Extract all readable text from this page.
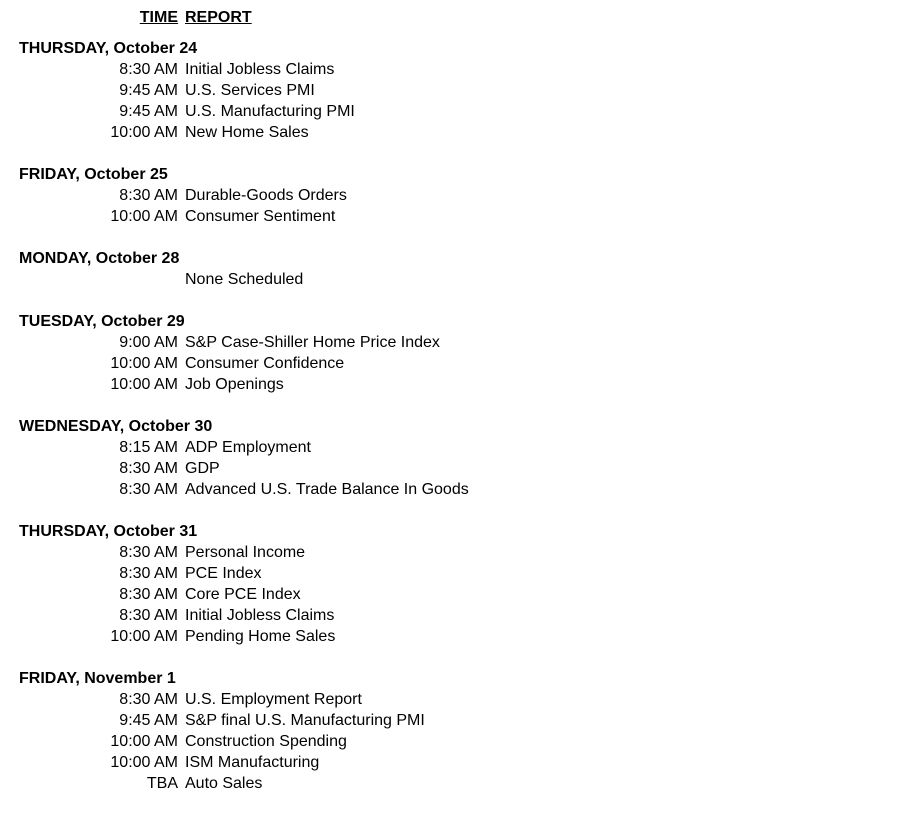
TIME REPORT
THURSDAY, October 24
8:30 AM Initial Jobless Claims
9:45 AM U.S. Services PMI
9:45 AM U.S. Manufacturing PMI
10:00 AM New Home Sales
FRIDAY, October 25
8:30 AM Durable-Goods Orders
10:00 AM Consumer Sentiment
MONDAY, October 28
None Scheduled
TUESDAY, October 29
9:00 AM S&P Case-Shiller Home Price Index
10:00 AM Consumer Confidence
10:00 AM Job Openings
WEDNESDAY, October 30
8:15 AM ADP Employment
8:30 AM GDP
8:30 AM Advanced U.S. Trade Balance In Goods
THURSDAY, October 31
8:30 AM Personal Income
8:30 AM PCE Index
8:30 AM Core PCE Index
8:30 AM Initial Jobless Claims
10:00 AM Pending Home Sales
FRIDAY, November 1
8:30 AM U.S. Employment Report
9:45 AM S&P final U.S. Manufacturing PMI
10:00 AM Construction Spending
10:00 AM ISM Manufacturing
TBA Auto Sales
